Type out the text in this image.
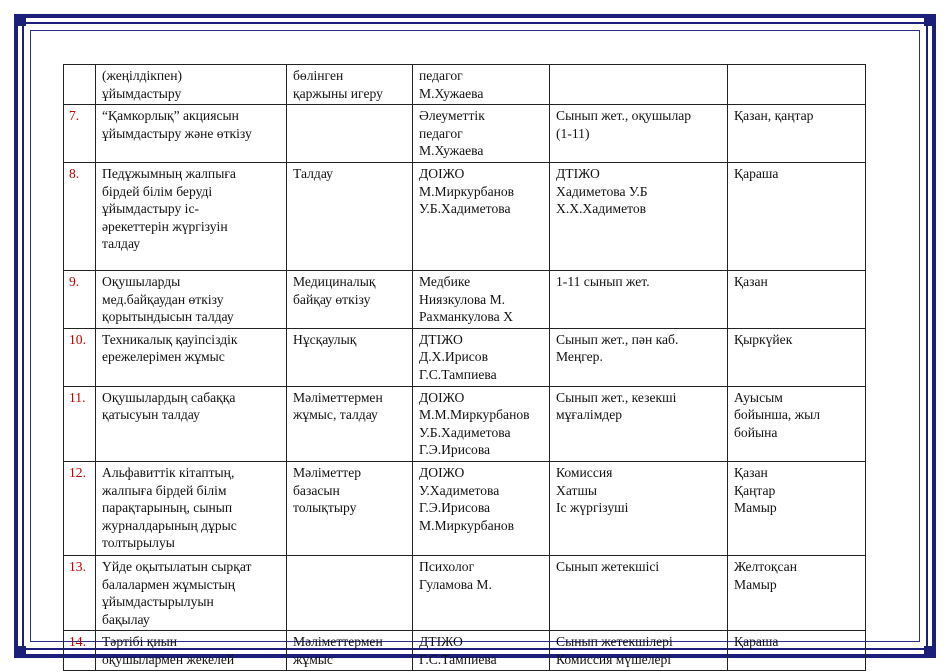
	(жеңілдікпен)
ұйымдастыру	бөлінген
қаржыны игеру	педагог
М.Хужаева		

7.	“Қамкорлық” акциясын
ұйымдастыру және өткізу		Әлеуметтік
педагог
М.Хужаева	Сынып жет., оқушылар
(1-11)	Қазан, қаңтар

8.	Педұжымның жалпыға
бірдей білім беруді
ұйымдастыру іс-
әрекеттерін жүргізуін
талдау	Талдау	ДОІЖО
М.Миркурбанов
У.Б.Хадиметова	ДТІЖО
Хадиметова У.Б
Х.Х.Хадиметов	Қараша

9.	Оқушыларды
мед.байқаудан өткізу
қорытындысын талдау	Медициналық
байқау өткізу	Медбике
Ниязкулова М.
Рахманкулова Х	1-11 сынып жет.	Қазан

10.	Техникалық қауіпсіздік
ережелерімен жұмыс	Нұсқаулық	ДТІЖО
Д.Х.Ирисов
Г.С.Тампиева	Сынып жет., пән каб.
Меңгер.	Қыркүйек

11.	Оқушылардың сабаққа
қатысуын талдау	Мәліметтермен
жұмыс, талдау	ДОІЖО
М.М.Миркурбанов
У.Б.Хадиметова
Г.Э.Ирисова	Сынып жет., кезекші
мұғалімдер	Ауысым
бойынша, жыл
бойына

12.	Альфавиттік кітаптың,
жалпыға бірдей білім
парақтарының, сынып
журналдарының дұрыс
толтырылуы	Мәліметтер
базасын
толықтыру	ДОІЖО
У.Хадиметова
Г.Э.Ирисова
М.Миркурбанов	Комиссия
Хатшы
Іс жүргізуші	Қазан
Қаңтар
Мамыр

13.	Үйде оқытылатын сырқат
балалармен жұмыстың
ұйымдастырылуын
бақылау		Психолог
Гуламова М.	Сынып жетекшісі	Желтоқсан
Мамыр

14.	Тәртібі қиын
оқушылармен жекелей	Мәліметтермен
жұмыс	ДТІЖО
Г.С.Тампиева	Сынып жетекшілері
Комиссия мүшелері	Қараша
